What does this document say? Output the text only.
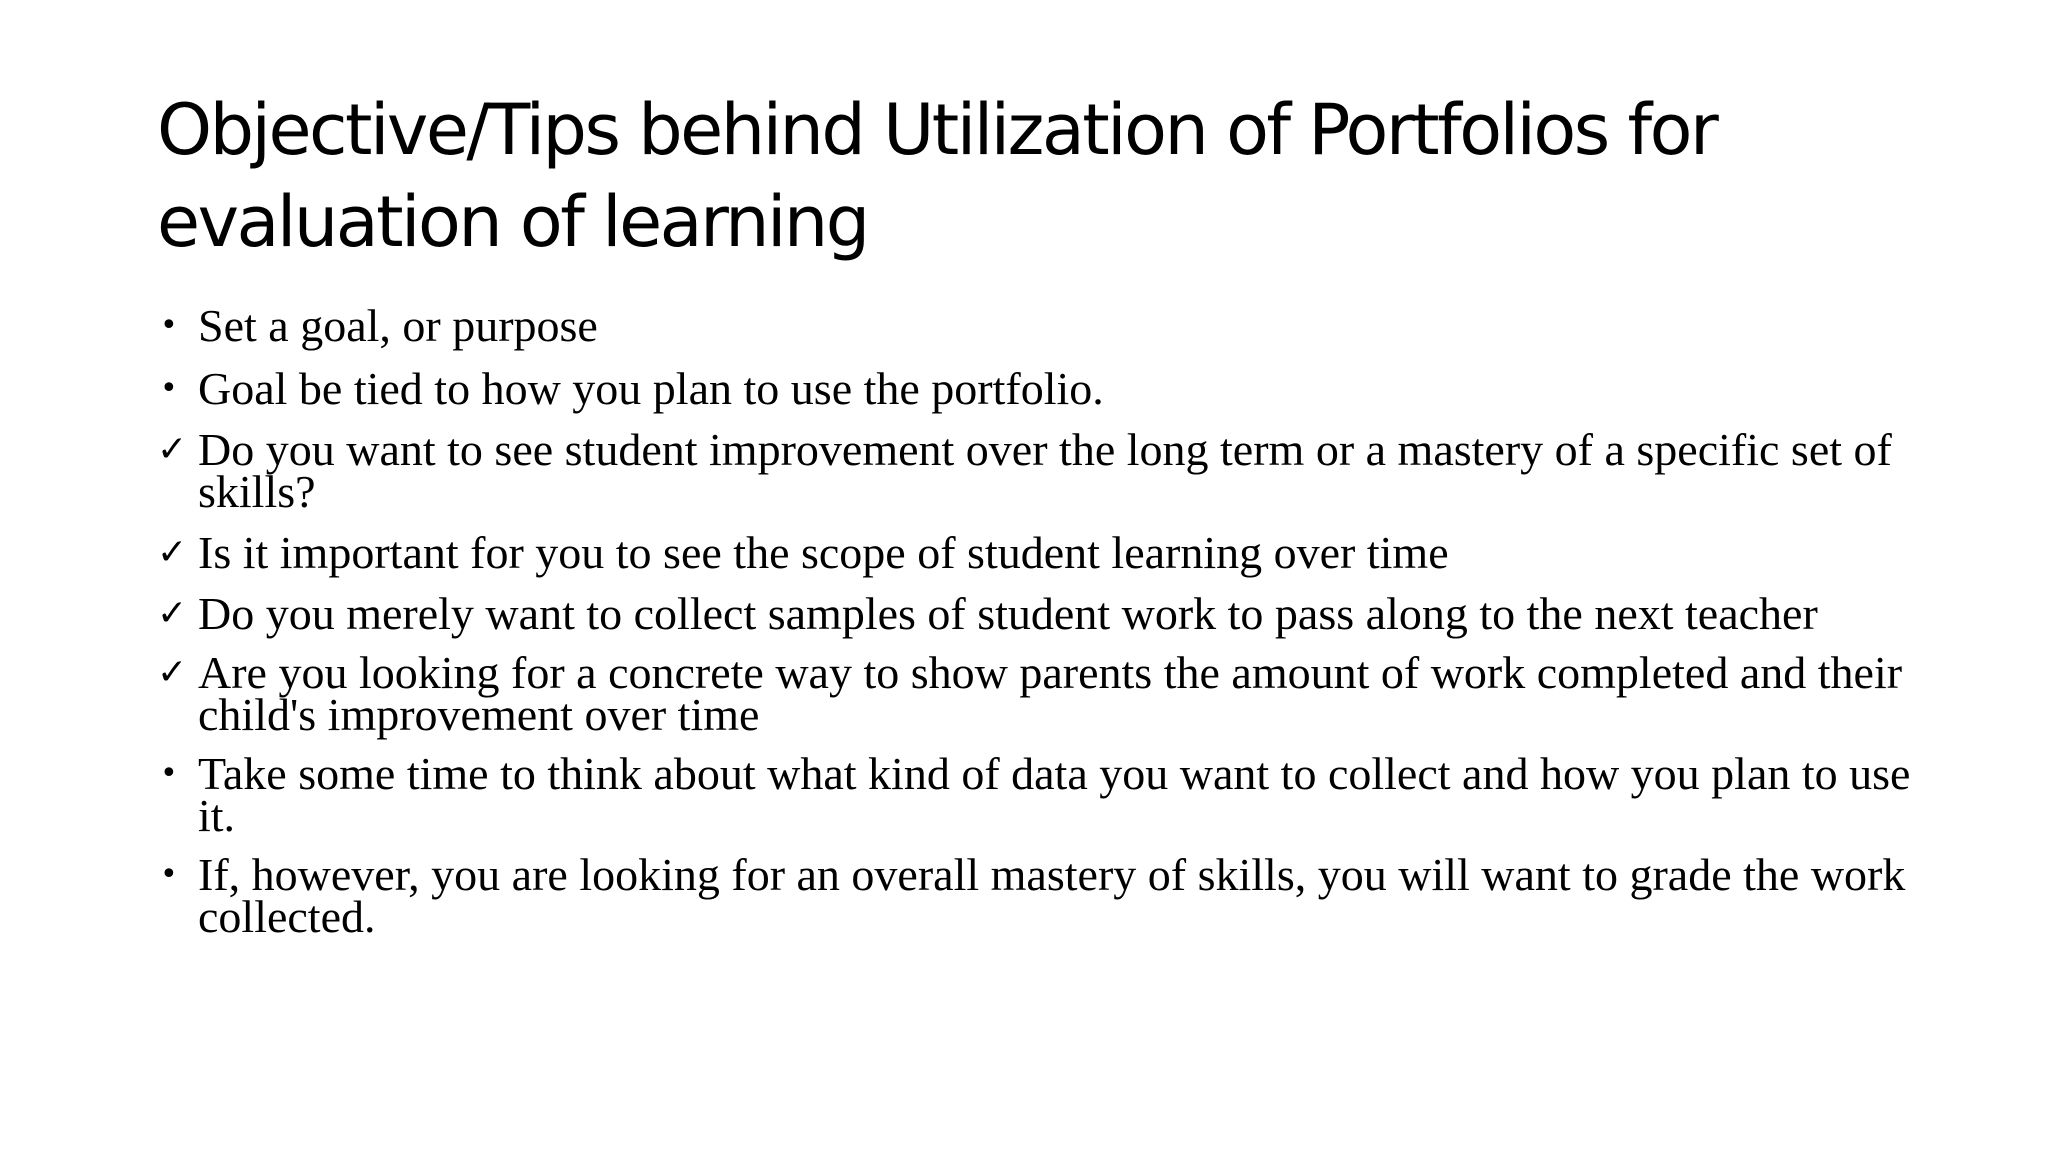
Objective/Tips behind Utilization of Portfolios for evaluation of learning
• Set a goal, or purpose
• Goal be tied to how you plan to use the portfolio.
✓ Do you want to see student improvement over the long term or a mastery of a specific set of skills?
✓ Is it important for you to see the scope of student learning over time
✓ Do you merely want to collect samples of student work to pass along to the next teacher
✓ Are you looking for a concrete way to show parents the amount of work completed and their child's improvement over time
• Take some time to think about what kind of data you want to collect and how you plan to use it.
• If, however, you are looking for an overall mastery of skills, you will want to grade the work collected.
